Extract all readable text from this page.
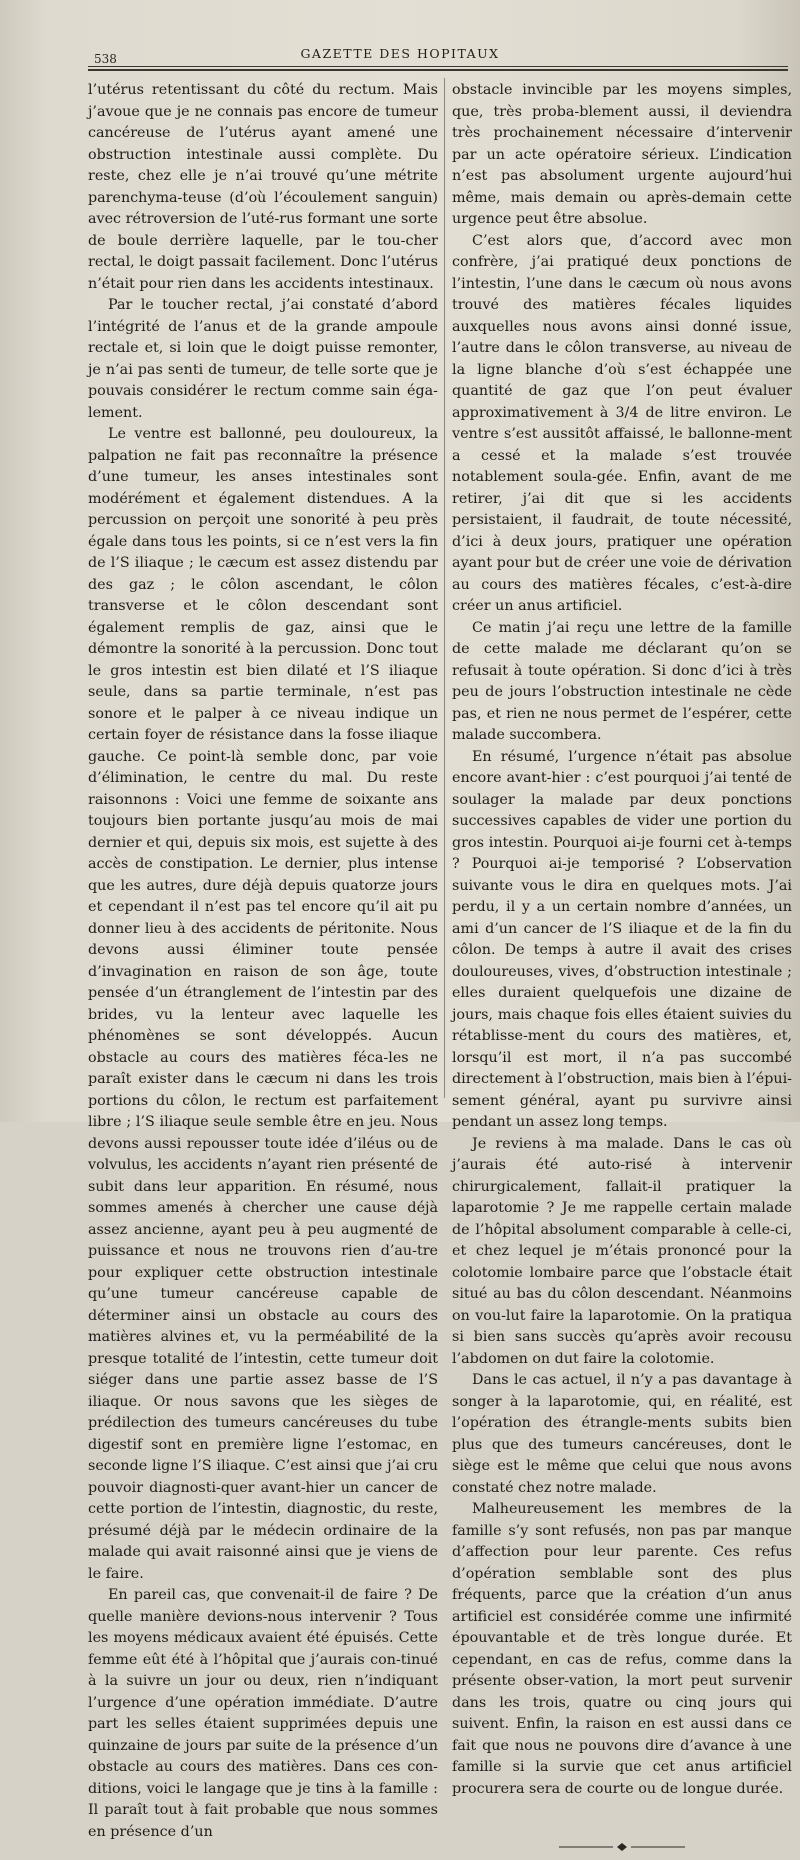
538	GAZETTE DES HOPITAUX

l’utérus retentissant du côté du rectum. Mais j’avoue que je ne connais pas encore de tumeur cancéreuse de l’utérus ayant amené une obstruction intestinale aussi complète. Du reste, chez elle je n’ai trouvé qu’une métrite parenchyma-teuse (d’où l’écoulement sanguin) avec rétroversion de l’uté-rus formant une sorte de boule derrière laquelle, par le tou-cher rectal, le doigt passait facilement. Donc l’utérus n’était pour rien dans les accidents intestinaux.

Par le toucher rectal, j’ai constaté d’abord l’intégrité de l’anus et de la grande ampoule rectale et, si loin que le doigt puisse remonter, je n’ai pas senti de tumeur, de telle sorte que je pouvais considérer le rectum comme sain éga-lement.

Le ventre est ballonné, peu douloureux, la palpation ne fait pas reconnaître la présence d’une tumeur, les anses intestinales sont modérément et également distendues. A la percussion on perçoit une sonorité à peu près égale dans tous les points, si ce n’est vers la fin de l’S iliaque ; le cæcum est assez distendu par des gaz ; le côlon ascendant, le côlon transverse et le côlon descendant sont également remplis de gaz, ainsi que le démontre la sonorité à la percussion. Donc tout le gros intestin est bien dilaté et l’S iliaque seule, dans sa partie terminale, n’est pas sonore et le palper à ce niveau indique un certain foyer de résistance dans la fosse iliaque gauche. Ce point-là semble donc, par voie d’élimination, le centre du mal. Du reste raisonnons : Voici une femme de soixante ans toujours bien portante jusqu’au mois de mai dernier et qui, depuis six mois, est sujette à des accès de constipation. Le dernier, plus intense que les autres, dure déjà depuis quatorze jours et cependant il n’est pas tel encore qu’il ait pu donner lieu à des accidents de péritonite. Nous devons aussi éliminer toute pensée d’invagination en raison de son âge, toute pensée d’un étranglement de l’intestin par des brides, vu la lenteur avec laquelle les phénomènes se sont développés. Aucun obstacle au cours des matières féca-les ne paraît exister dans le cæcum ni dans les trois portions du côlon, le rectum est parfaitement libre ; l’S iliaque seule semble être en jeu. Nous devons aussi repousser toute idée d’iléus ou de volvulus, les accidents n’ayant rien présenté de subit dans leur apparition. En résumé, nous sommes amenés à chercher une cause déjà assez ancienne, ayant peu à peu augmenté de puissance et nous ne trouvons rien d’au-tre pour expliquer cette obstruction intestinale qu’une tumeur cancéreuse capable de déterminer ainsi un obstacle au cours des matières alvines et, vu la perméabilité de la presque totalité de l’intestin, cette tumeur doit siéger dans une partie assez basse de l’S iliaque. Or nous savons que les sièges de prédilection des tumeurs cancéreuses du tube digestif sont en première ligne l’estomac, en seconde ligne l’S iliaque. C’est ainsi que j’ai cru pouvoir diagnosti-quer avant-hier un cancer de cette portion de l’intestin, diagnostic, du reste, présumé déjà par le médecin ordinaire de la malade qui avait raisonné ainsi que je viens de le faire.

En pareil cas, que convenait-il de faire ? De quelle manière devions-nous intervenir ? Tous les moyens médicaux avaient été épuisés. Cette femme eût été à l’hôpital que j’aurais con-tinué à la suivre un jour ou deux, rien n’indiquant l’urgence d’une opération immédiate. D’autre part les selles étaient supprimées depuis une quinzaine de jours par suite de la présence d’un obstacle au cours des matières. Dans ces con-ditions, voici le langage que je tins à la famille : Il paraît tout à fait probable que nous sommes en présence d’un

obstacle invincible par les moyens simples, que, très proba-blement aussi, il deviendra très prochainement nécessaire d’intervenir par un acte opératoire sérieux. L’indication n’est pas absolument urgente aujourd’hui même, mais demain ou après-demain cette urgence peut être absolue.

C’est alors que, d’accord avec mon confrère, j’ai pratiqué deux ponctions de l’intestin, l’une dans le cæcum où nous avons trouvé des matières fécales liquides auxquelles nous avons ainsi donné issue, l’autre dans le côlon transverse, au niveau de la ligne blanche d’où s’est échappée une quantité de gaz que l’on peut évaluer approximativement à 3/4 de litre environ. Le ventre s’est aussitôt affaissé, le ballonne-ment a cessé et la malade s’est trouvée notablement soula-gée. Enfin, avant de me retirer, j’ai dit que si les accidents persistaient, il faudrait, de toute nécessité, d’ici à deux jours, pratiquer une opération ayant pour but de créer une voie de dérivation au cours des matières fécales, c’est-à-dire créer un anus artificiel.

Ce matin j’ai reçu une lettre de la famille de cette malade me déclarant qu’on se refusait à toute opération. Si donc d’ici à très peu de jours l’obstruction intestinale ne cède pas, et rien ne nous permet de l’espérer, cette malade succombera.

En résumé, l’urgence n’était pas absolue encore avant-hier : c’est pourquoi j’ai tenté de soulager la malade par deux ponctions successives capables de vider une portion du gros intestin. Pourquoi ai-je fourni cet à-temps ? Pourquoi ai-je temporisé ? L’observation suivante vous le dira en quelques mots. J’ai perdu, il y a un certain nombre d’années, un ami d’un cancer de l’S iliaque et de la fin du côlon. De temps à autre il avait des crises douloureuses, vives, d’obstruction intestinale ; elles duraient quelquefois une dizaine de jours, mais chaque fois elles étaient suivies du rétablisse-ment du cours des matières, et, lorsqu’il est mort, il n’a pas succombé directement à l’obstruction, mais bien à l’épui-sement général, ayant pu survivre ainsi pendant un assez long temps.

Je reviens à ma malade. Dans le cas où j’aurais été auto-risé à intervenir chirurgicalement, fallait-il pratiquer la laparotomie ? Je me rappelle certain malade de l’hôpital absolument comparable à celle-ci, et chez lequel je m’étais prononcé pour la colotomie lombaire parce que l’obstacle était situé au bas du côlon descendant. Néanmoins on vou-lut faire la laparotomie. On la pratiqua si bien sans succès qu’après avoir recousu l’abdomen on dut faire la colotomie.

Dans le cas actuel, il n’y a pas davantage à songer à la laparotomie, qui, en réalité, est l’opération des étrangle-ments subits bien plus que des tumeurs cancéreuses, dont le siège est le même que celui que nous avons constaté chez notre malade.

Malheureusement les membres de la famille s’y sont refusés, non pas par manque d’affection pour leur parente. Ces refus d’opération semblable sont des plus fréquents, parce que la création d’un anus artificiel est considérée comme une infirmité épouvantable et de très longue durée. Et cependant, en cas de refus, comme dans la présente obser-vation, la mort peut survenir dans les trois, quatre ou cinq jours qui suivent. Enfin, la raison en est aussi dans ce fait que nous ne pouvons dire d’avance à une famille si la survie que cet anus artificiel procurera sera de courte ou de longue durée.
